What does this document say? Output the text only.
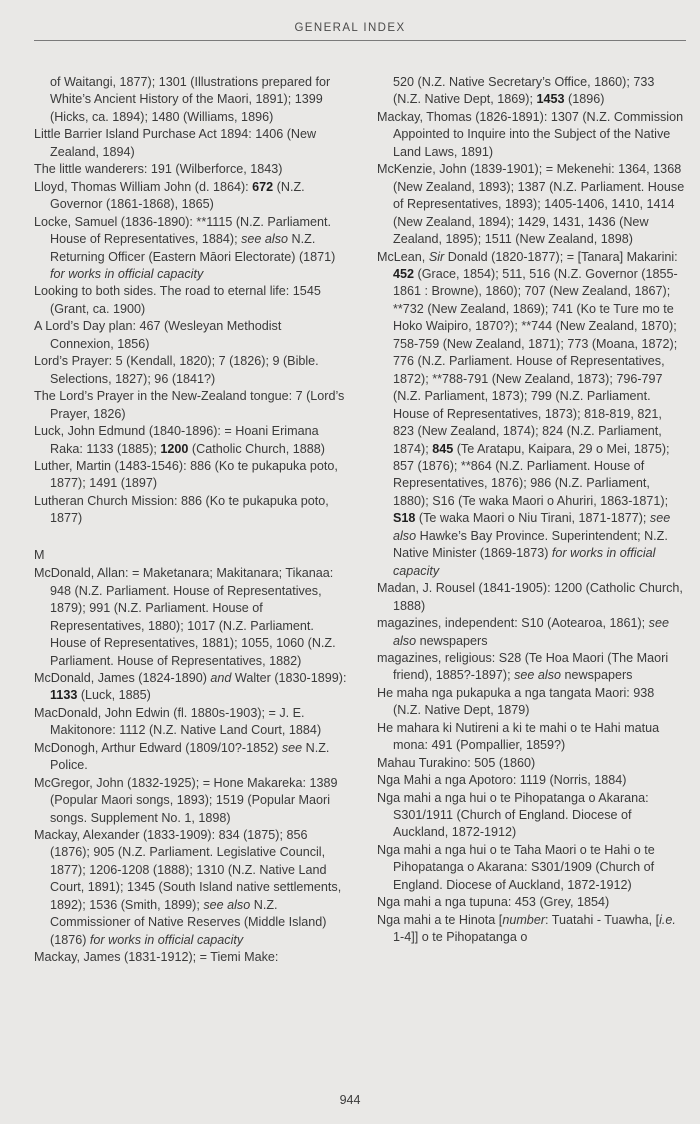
GENERAL INDEX

of Waitangi, 1877); 1301 (Illustrations prepared for White’s Ancient History of the Maori, 1891); 1399 (Hicks, ca. 1894); 1480 (Williams, 1896)

Little Barrier Island Purchase Act 1894: 1406 (New Zealand, 1894)

The little wanderers: 191 (Wilberforce, 1843)

Lloyd, Thomas William John (d. 1864): 672 (N.Z. Governor (1861-1868), 1865)

Locke, Samuel (1836-1890): **1115 (N.Z. Parliament. House of Representatives, 1884); see also N.Z. Returning Officer (Eastern Māori Electorate) (1871) for works in official capacity

Looking to both sides. The road to eternal life: 1545 (Grant, ca. 1900)

A Lord’s Day plan: 467 (Wesleyan Methodist Connexion, 1856)

Lord’s Prayer: 5 (Kendall, 1820); 7 (1826); 9 (Bible. Selections, 1827); 96 (1841?)

The Lord’s Prayer in the New-Zealand tongue: 7 (Lord’s Prayer, 1826)

Luck, John Edmund (1840-1896): = Hoani Erimana Raka: 1133 (1885); 1200 (Catholic Church, 1888)

Luther, Martin (1483-1546): 886 (Ko te pukapuka poto, 1877); 1491 (1897)

Lutheran Church Mission: 886 (Ko te pukapuka poto, 1877)

M

McDonald, Allan: = Maketanara; Makitanara; Tikanaa: 948 (N.Z. Parliament. House of Representatives, 1879); 991 (N.Z. Parliament. House of Representatives, 1880); 1017 (N.Z. Parliament. House of Representatives, 1881); 1055, 1060 (N.Z. Parliament. House of Representatives, 1882)

McDonald, James (1824-1890) and Walter (1830-1899): 1133 (Luck, 1885)

MacDonald, John Edwin (fl. 1880s-1903); = J. E. Makitonore: 1112 (N.Z. Native Land Court, 1884)

McDonogh, Arthur Edward (1809/10?-1852) see N.Z. Police.

McGregor, John (1832-1925); = Hone Makareka: 1389 (Popular Maori songs, 1893); 1519 (Popular Maori songs. Supplement No. 1, 1898)

Mackay, Alexander (1833-1909): 834 (1875); 856 (1876); 905 (N.Z. Parliament. Legislative Council, 1877); 1206-1208 (1888); 1310 (N.Z. Native Land Court, 1891); 1345 (South Island native settlements, 1892); 1536 (Smith, 1899); see also N.Z. Commissioner of Native Reserves (Middle Island) (1876) for works in official capacity

Mackay, James (1831-1912); = Tiemi Make:

520 (N.Z. Native Secretary’s Office, 1860); 733 (N.Z. Native Dept, 1869); 1453 (1896)

Mackay, Thomas (1826-1891): 1307 (N.Z. Commission Appointed to Inquire into the Subject of the Native Land Laws, 1891)

McKenzie, John (1839-1901); = Mekenehi: 1364, 1368 (New Zealand, 1893); 1387 (N.Z. Parliament. House of Representatives, 1893); 1405-1406, 1410, 1414 (New Zealand, 1894); 1429, 1431, 1436 (New Zealand, 1895); 1511 (New Zealand, 1898)

McLean, Sir Donald (1820-1877); = [Tanara] Makarini: 452 (Grace, 1854); 511, 516 (N.Z. Governor (1855-1861 : Browne), 1860); 707 (New Zealand, 1867); **732 (New Zealand, 1869); 741 (Ko te Ture mo te Hoko Waipiro, 1870?); **744 (New Zealand, 1870); 758-759 (New Zealand, 1871); 773 (Moana, 1872); 776 (N.Z. Parliament. House of Representatives, 1872); **788-791 (New Zealand, 1873); 796-797 (N.Z. Parliament, 1873); 799 (N.Z. Parliament. House of Representatives, 1873); 818-819, 821, 823 (New Zealand, 1874); 824 (N.Z. Parliament, 1874); 845 (Te Aratapu, Kaipara, 29 o Mei, 1875); 857 (1876); **864 (N.Z. Parliament. House of Representatives, 1876); 986 (N.Z. Parliament, 1880); S16 (Te waka Maori o Ahuriri, 1863-1871); S18 (Te waka Maori o Niu Tirani, 1871-1877); see also Hawke’s Bay Province. Superintendent; N.Z. Native Minister (1869-1873) for works in official capacity

Madan, J. Rousel (1841-1905): 1200 (Catholic Church, 1888)

magazines, independent: S10 (Aotearoa, 1861); see also newspapers

magazines, religious: S28 (Te Hoa Maori (The Maori friend), 1885?-1897); see also newspapers

He maha nga pukapuka a nga tangata Maori: 938 (N.Z. Native Dept, 1879)

He mahara ki Nutireni a ki te mahi o te Hahi matua mona: 491 (Pompallier, 1859?)

Mahau Turakino: 505 (1860)

Nga Mahi a nga Apotoro: 1119 (Norris, 1884)

Nga mahi a nga hui o te Pihopatanga o Akarana: S301/1911 (Church of England. Diocese of Auckland, 1872-1912)

Nga mahi a nga hui o te Taha Maori o te Hahi o te Pihopatanga o Akarana: S301/1909 (Church of England. Diocese of Auckland, 1872-1912)

Nga mahi a nga tupuna: 453 (Grey, 1854)

Nga mahi a te Hinota [number: Tuatahi - Tuawha, [i.e. 1-4]] o te Pihopatanga o

944
